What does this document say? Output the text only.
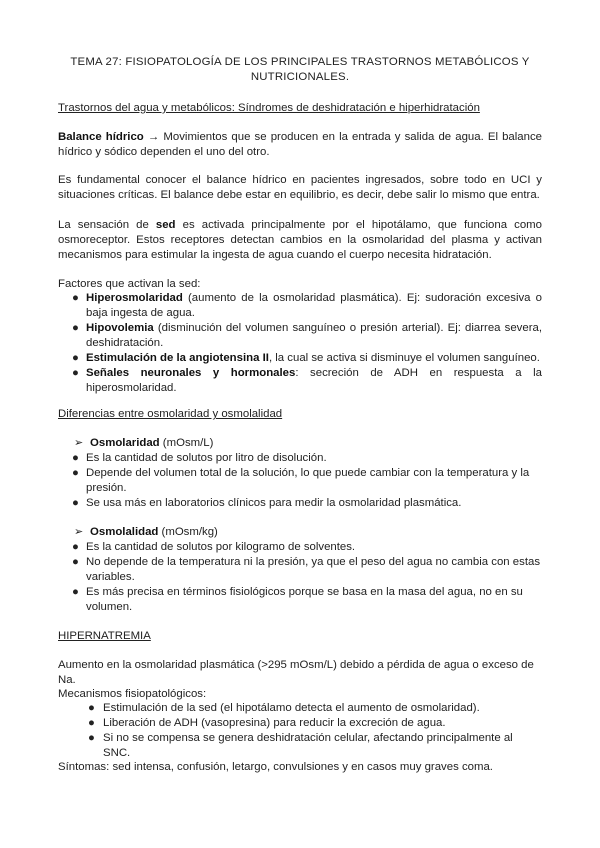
TEMA 27: FISIOPATOLOGÍA DE LOS PRINCIPALES TRASTORNOS METABÓLICOS Y
NUTRICIONALES.
Trastornos del agua y metabólicos: Síndromes de deshidratación e hiperhidratación
Balance hídrico → Movimientos que se producen en la entrada y salida de agua. El balance hídrico y sódico dependen el uno del otro.
Es fundamental conocer el balance hídrico en pacientes ingresados, sobre todo en UCI y situaciones críticas. El balance debe estar en equilibrio, es decir, debe salir lo mismo que entra.
La sensación de sed es activada principalmente por el hipotálamo, que funciona como osmoreceptor. Estos receptores detectan cambios en la osmolaridad del plasma y activan mecanismos para estimular la ingesta de agua cuando el cuerpo necesita hidratación.
Factores que activan la sed:
● Hiperosmolaridad (aumento de la osmolaridad plasmática). Ej: sudoración excesiva o baja ingesta de agua.
● Hipovolemia (disminución del volumen sanguíneo o presión arterial). Ej: diarrea severa, deshidratación.
● Estimulación de la angiotensina II, la cual se activa si disminuye el volumen sanguíneo.
● Señales neuronales y hormonales: secreción de ADH en respuesta a la hiperosmolaridad.
Diferencias entre osmolaridad y osmolalidad
➢ Osmolaridad (mOsm/L)
● Es la cantidad de solutos por litro de disolución.
● Depende del volumen total de la solución, lo que puede cambiar con la temperatura y la presión.
● Se usa más en laboratorios clínicos para medir la osmolaridad plasmática.
➢ Osmolalidad (mOsm/kg)
● Es la cantidad de solutos por kilogramo de solventes.
● No depende de la temperatura ni la presión, ya que el peso del agua no cambia con estas variables.
● Es más precisa en términos fisiológicos porque se basa en la masa del agua, no en su volumen.
HIPERNATREMIA
Aumento en la osmolaridad plasmática (>295 mOsm/L) debido a pérdida de agua o exceso de Na.
Mecanismos fisiopatológicos:
● Estimulación de la sed (el hipotálamo detecta el aumento de osmolaridad).
● Liberación de ADH (vasopresina) para reducir la excreción de agua.
● Si no se compensa se genera deshidratación celular, afectando principalmente al SNC.
Síntomas: sed intensa, confusión, letargo, convulsiones y en casos muy graves coma.
